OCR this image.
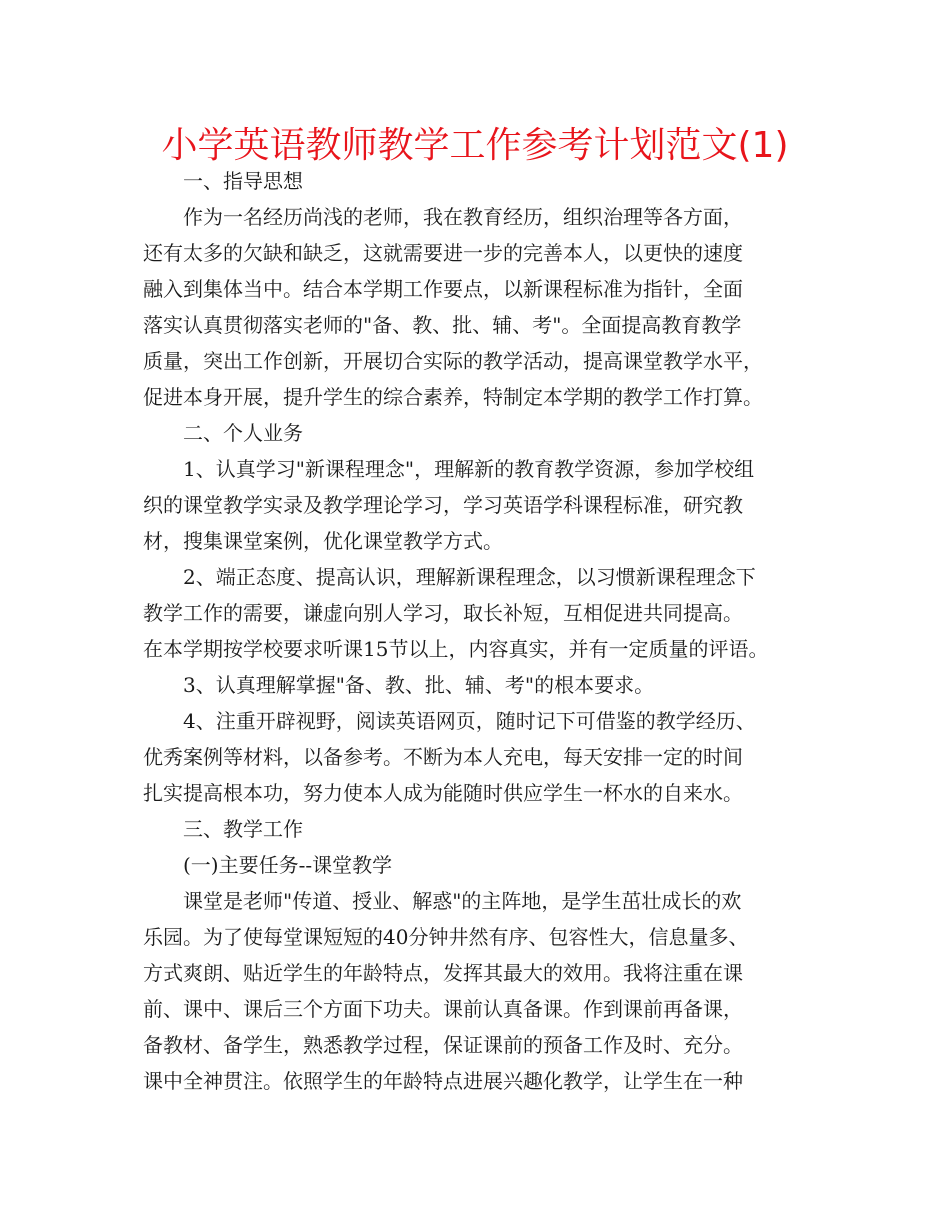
小学英语教师教学工作参考计划范文(1)
一、指导思想
作为一名经历尚浅的老师，我在教育经历，组织治理等各方面，
还有太多的欠缺和缺乏，这就需要进一步的完善本人，以更快的速度
融入到集体当中。结合本学期工作要点，以新课程标准为指针，全面
落实认真贯彻落实老师的"备、教、批、辅、考"。全面提高教育教学
质量，突出工作创新，开展切合实际的教学活动，提高课堂教学水平，
促进本身开展，提升学生的综合素养，特制定本学期的教学工作打算。
二、个人业务
1、认真学习"新课程理念"，理解新的教育教学资源，参加学校组
织的课堂教学实录及教学理论学习，学习英语学科课程标准，研究教
材，搜集课堂案例，优化课堂教学方式。
2、端正态度、提高认识，理解新课程理念，以习惯新课程理念下
教学工作的需要，谦虚向别人学习，取长补短，互相促进共同提高。
在本学期按学校要求听课15节以上，内容真实，并有一定质量的评语。
3、认真理解掌握"备、教、批、辅、考"的根本要求。
4、注重开辟视野，阅读英语网页，随时记下可借鉴的教学经历、
优秀案例等材料，以备参考。不断为本人充电，每天安排一定的时间
扎实提高根本功，努力使本人成为能随时供应学生一杯水的自来水。
三、教学工作
(一)主要任务--课堂教学
课堂是老师"传道、授业、解惑"的主阵地，是学生茁壮成长的欢
乐园。为了使每堂课短短的40分钟井然有序、包容性大，信息量多、
方式爽朗、贴近学生的年龄特点，发挥其最大的效用。我将注重在课
前、课中、课后三个方面下功夫。课前认真备课。作到课前再备课，
备教材、备学生，熟悉教学过程，保证课前的预备工作及时、充分。
课中全神贯注。依照学生的年龄特点进展兴趣化教学，让学生在一种
